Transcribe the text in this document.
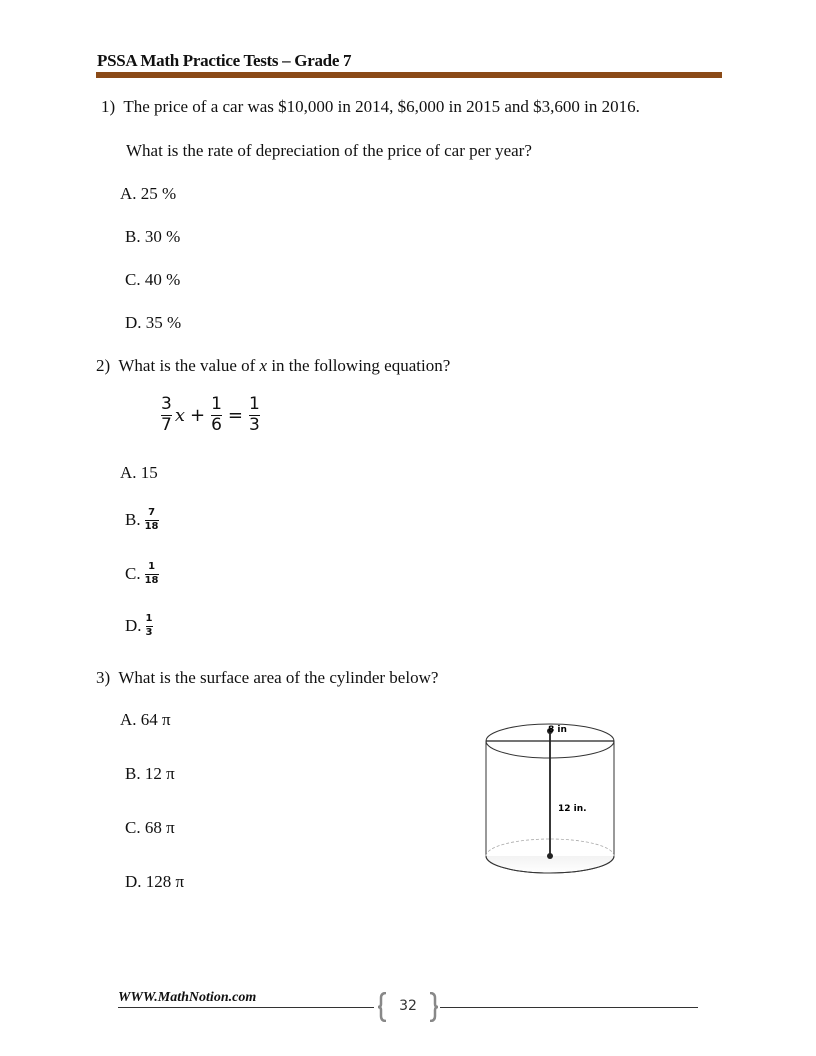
PSSA Math Practice Tests – Grade 7
1) The price of a car was $10,000 in 2014, $6,000 in 2015 and $3,600 in 2016.
What is the rate of depreciation of the price of car per year?
A. 25 %
B. 30 %
C. 40 %
D. 35 %
2) What is the value of x in the following equation?
$\frac{3}{7}$ $x + \frac{1}{6} = \frac{1}{3}$
A. 15
B. $\frac{7}{18}$
C. $\frac{1}{18}$
D. $\frac{1}{3}$
3) What is the surface area of the cylinder below?
A. 64 π
B. 12 π
C. 68 π
D. 128 π
8 in
12 in.
WWW.MathNotion.com
32
